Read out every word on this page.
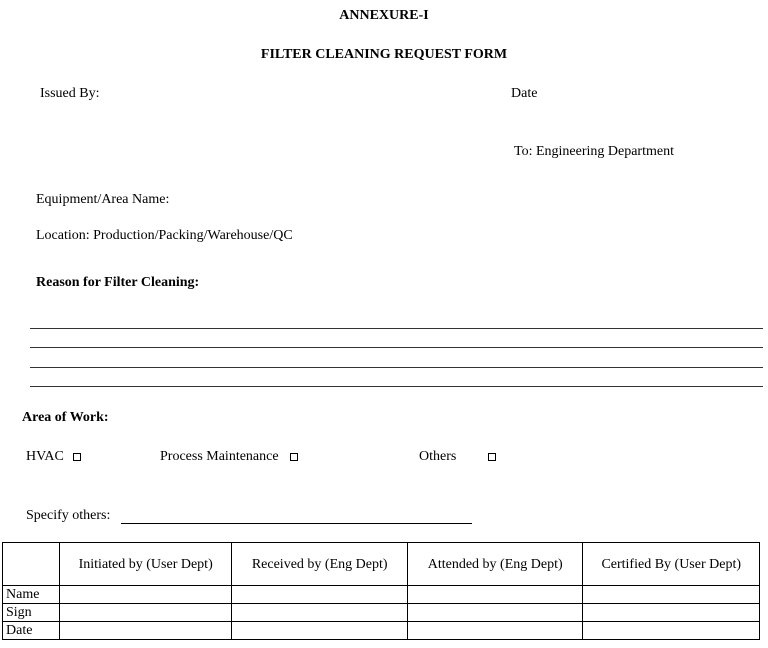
ANNEXURE-I
FILTER CLEANING REQUEST FORM
Issued By:	Date
To: Engineering Department
Equipment/Area Name:
Location: Production/Packing/Warehouse/QC
Reason for Filter Cleaning:
Area of Work:
HVAC	Process Maintenance	Others
Specify others:
	Initiated by (User Dept)	Received by (Eng Dept)	Attended by (Eng Dept)	Certified By (User Dept)
Name				
Sign				
Date				
